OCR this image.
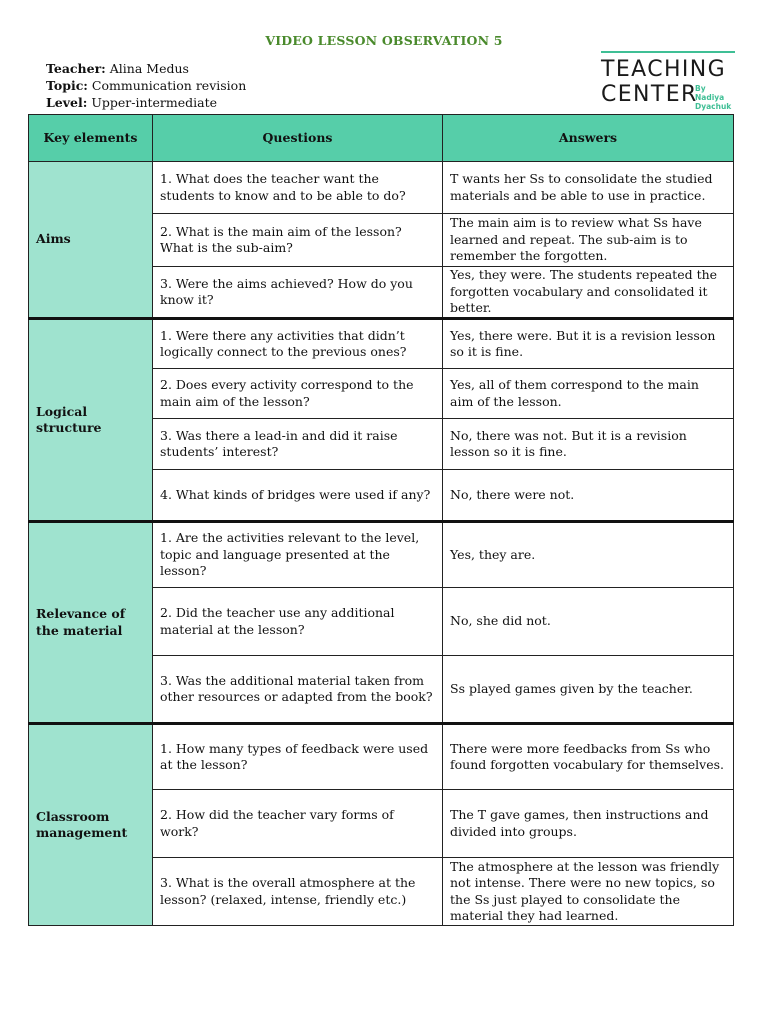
VIDEO LESSON OBSERVATION 5
Teacher: Alina Medus
Topic: Communication revision
Level: Upper-intermediate
TEACHING
CENTER
By Nadiya
Dyachuk
Key elements	Questions	Answers
Aims	1. What does the teacher want the students to know and to be able to do?	T wants her Ss to consolidate the studied materials and be able to use in practice.
	2. What is the main aim of the lesson? What is the sub-aim?	The main aim is to review what Ss have learned and repeat. The sub-aim is to remember the forgotten.
	3. Were the aims achieved? How do you know it?	Yes, they were. The students repeated the forgotten vocabulary and consolidated it better.
Logical structure	1. Were there any activities that didn’t logically connect to the previous ones?	Yes, there were. But it is a revision lesson so it is fine.
	2. Does every activity correspond to the main aim of the lesson?	Yes, all of them correspond to the main aim of the lesson.
	3. Was there a lead-in and did it raise students’ interest?	No, there was not. But it is a revision lesson so it is fine.
	4. What kinds of bridges were used if any?	No, there were not.
Relevance of the material	1. Are the activities relevant to the level, topic and language presented at the lesson?	Yes, they are.
	2. Did the teacher use any additional material at the lesson?	No, she did not.
	3. Was the additional material taken from other resources or adapted from the book?	Ss played games given by the teacher.
Classroom management	1. How many types of feedback were used at the lesson?	There were more feedbacks from Ss who found forgotten vocabulary for themselves.
	2. How did the teacher vary forms of work?	The T gave games, then instructions and divided into groups.
	3. What is the overall atmosphere at the lesson? (relaxed, intense, friendly etc.)	The atmosphere at the lesson was friendly not intense. There were no new topics, so the Ss just played to consolidate the material they had learned.
